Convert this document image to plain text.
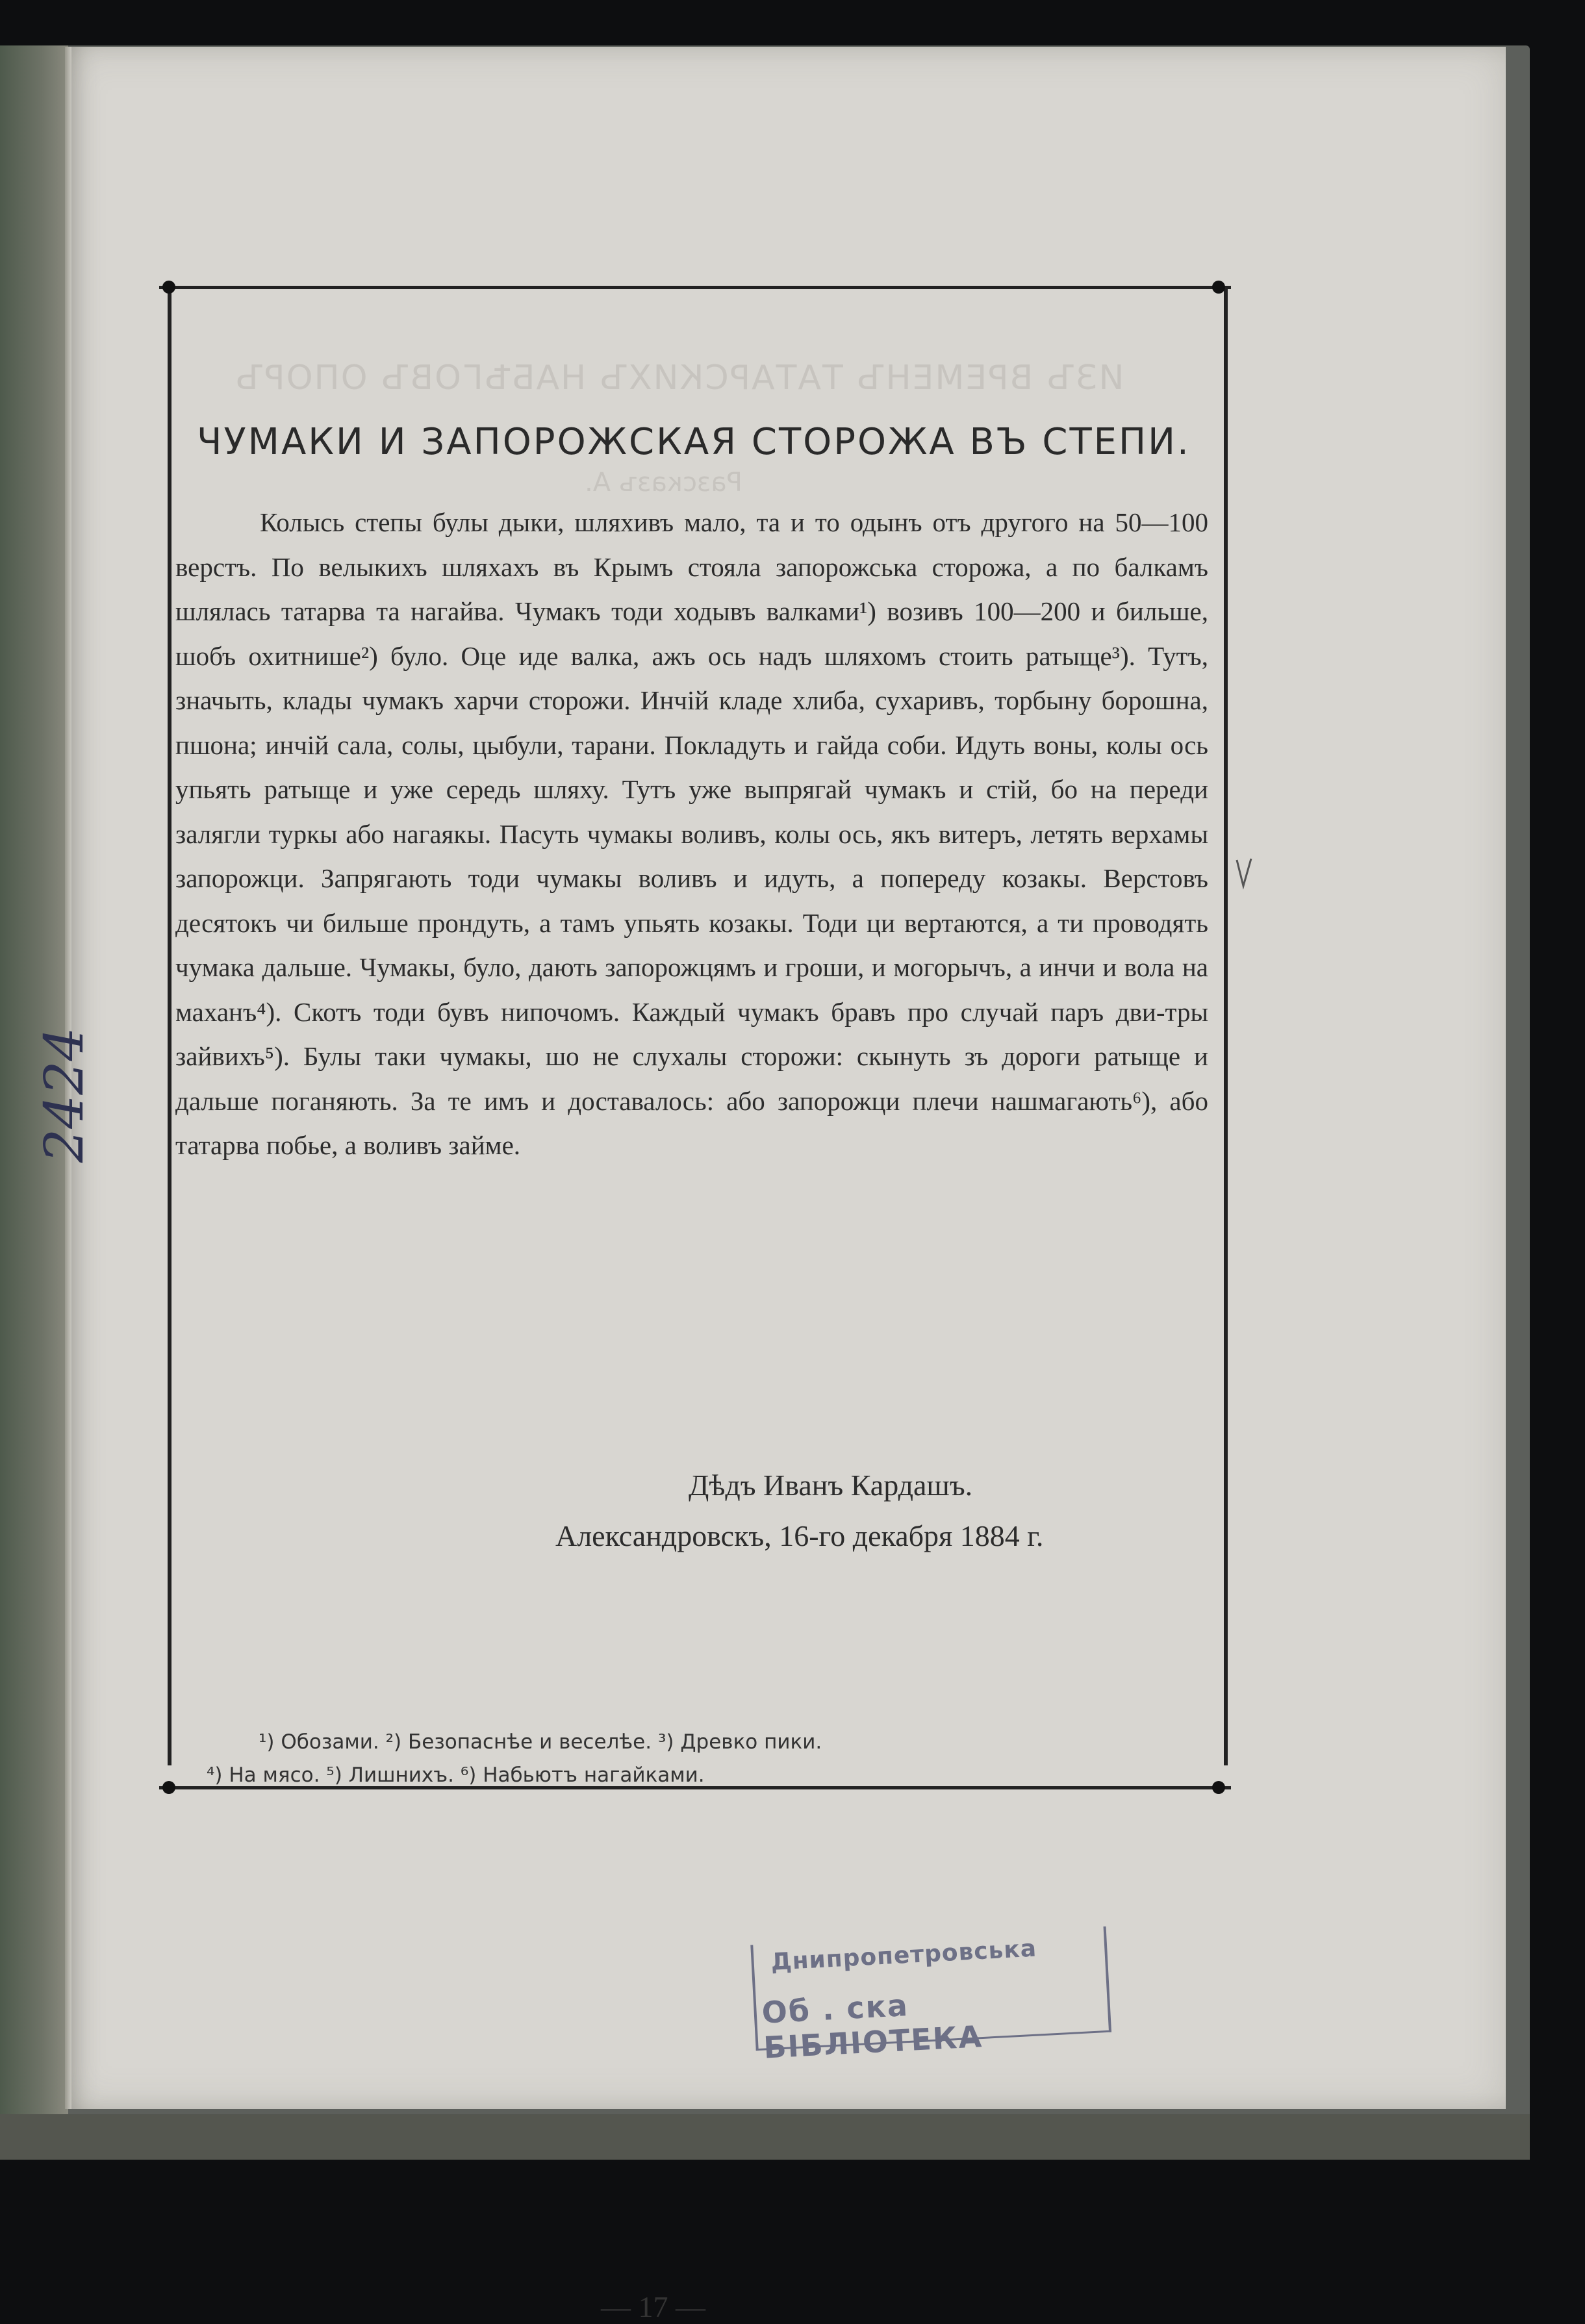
ИЗЪ ВРЕМЕНЪ ТАТАРСКИХЪ НАБѢГОВЪ ОПОРЪ
Разсказъ А.
ЧУМАКИ И ЗАПОРОЖСКАЯ СТОРОЖА ВЪ СТЕПИ.
Колысь степы булы дыки, шляхивъ мало, та и то одынъ отъ другого на 50—100 верстъ. По велыкихъ шляхахъ въ Крымъ стояла запорожська сторожа, а по балкамъ шлялась татарва та нагайва. Чумакъ тоди ходывъ валками¹) возивъ 100—200 и бильше, шобъ охитнише²) було. Оце иде валка, ажъ ось надъ шляхомъ стоить ратыще³). Тутъ, значыть, клады чумакъ харчи сторожи. Инчій кладе хлиба, сухаривъ, торбыну борошна, пшона; инчій сала, солы, цыбули, тарани. Покладуть и гайда соби. Идуть воны, колы ось упьять ратыще и уже середь шляху. Тутъ уже выпрягай чумакъ и стій, бо на переди залягли туркы або нагаякы. Пасуть чумакы воливъ, колы ось, якъ витеръ, летять верхамы запорожци. Запрягають тоди чумакы воливъ и идуть, а попереду козакы. Верстовъ десятокъ чи бильше прондуть, а тамъ упьять козакы. Тоди ци вертаются, а ти проводять чумака дальше. Чумакы, було, дають запорожцямъ и гроши, и могорычъ, а инчи и вола на маханъ⁴). Скотъ тоди бувъ нипочомъ. Каждый чумакъ бравъ про случай паръ дви-тры зайвихъ⁵). Булы таки чумакы, шо не слухалы сторожи: скынуть зъ дороги ратыще и дальше поганяють. За те имъ и доставалось: або запорожци плечи нашмагають⁶), або татарва побье, а воливъ займе.
Дѣдъ Иванъ Кардашъ.
Александровскъ, 16-го декабря 1884 г.
¹) Обозами. ²) Безопаснѣе и веселѣе. ³) Древко пики.
⁴) На мясо. ⁵) Лишнихъ. ⁶) Набьютъ нагайками.
— 17 —
2424
Днипропетровська
Об . ска БІБЛІОТЕКА
